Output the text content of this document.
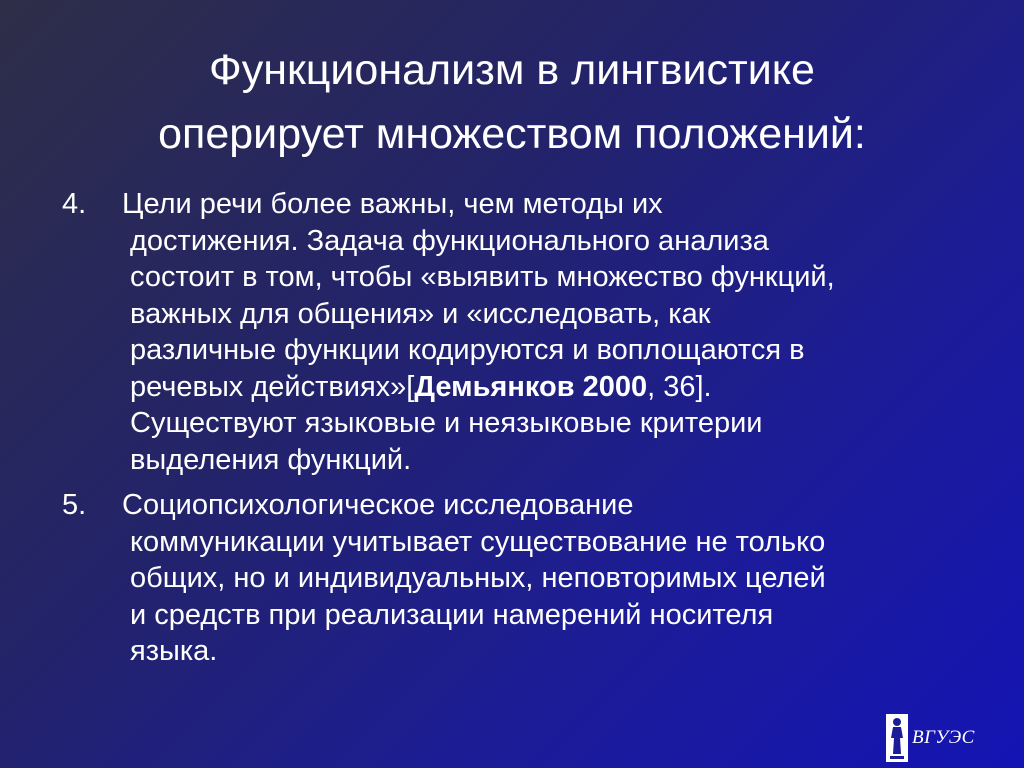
Функционализм в лингвистике
оперирует множеством положений:
4. Цели речи более важны, чем методы их
достижения. Задача функционального анализа
состоит в том, чтобы «выявить множество функций,
важных для общения» и «исследовать, как
различные функции кодируются и воплощаются в
речевых действиях»[Демьянков 2000, 36].
Существуют языковые и неязыковые критерии
выделения функций.
5. Социопсихологическое исследование
коммуникации учитывает существование не только
общих, но и индивидуальных, неповторимых целей
и средств при реализации намерений носителя
языка.
ВГУЭС
